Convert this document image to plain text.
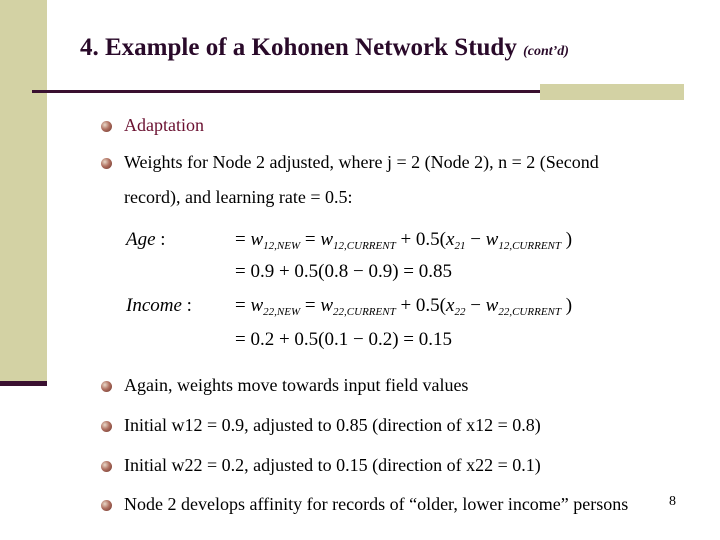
4. Example of a Kohonen Network Study (cont’d)
Adaptation
Weights for Node 2 adjusted, where j = 2 (Node 2), n = 2 (Second
record), and learning rate = 0.5:
Age :	= $w_{12,NEW} = w_{12,CURRENT} + 0.5(x_{21} - w_{12,CURRENT}$ )
= 0.9 + 0.5(0.8 − 0.9) = 0.85
Income : = $w_{22,NEW} = w_{22,CURRENT} + 0.5(x_{22} - w_{22,CURRENT}$ )
= 0.2 + 0.5(0.1 − 0.2) = 0.15
Again, weights move towards input field values
Initial w12 = 0.9, adjusted to 0.85 (direction of x12 = 0.8)
Initial w22 = 0.2, adjusted to 0.15 (direction of x22 = 0.1)
Node 2 develops affinity for records of “older, lower income” persons	8
